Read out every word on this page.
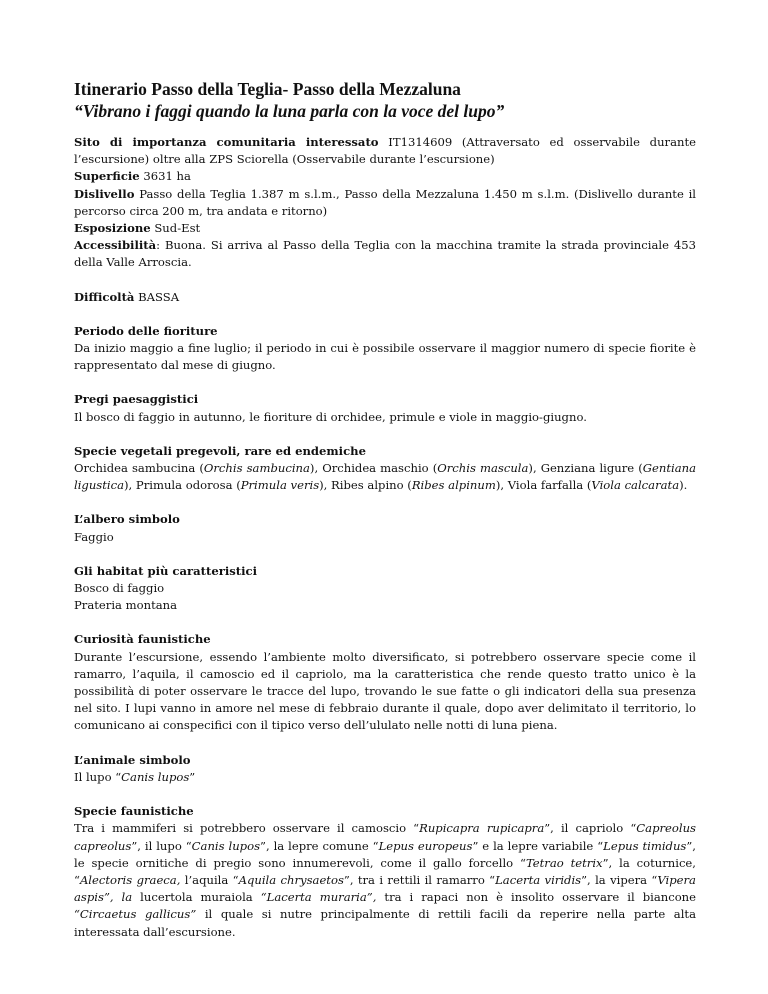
Itinerario Passo della Teglia- Passo della Mezzaluna
“Vibrano i faggi quando la luna parla con la voce del lupo”

Sito di importanza comunitaria interessato IT1314609 (Attraversato ed osservabile durante l’escursione) oltre alla ZPS Sciorella (Osservabile durante l’escursione)

Superficie 3631 ha

Dislivello Passo della Teglia 1.387 m s.l.m., Passo della Mezzaluna 1.450 m s.l.m. (Dislivello durante il percorso circa 200 m, tra andata e ritorno)

Esposizione Sud-Est

Accessibilità: Buona. Si arriva al Passo della Teglia con la macchina tramite la strada provinciale 453 della Valle Arroscia.

Difficoltà BASSA

Periodo delle fioriture

Da inizio maggio a fine luglio; il periodo in cui è possibile osservare il maggior numero di specie fiorite è rappresentato dal mese di giugno.

Pregi paesaggistici

Il bosco di faggio in autunno, le fioriture di orchidee, primule e viole in maggio-giugno.

Specie vegetali pregevoli, rare ed endemiche

Orchidea sambucina (Orchis sambucina), Orchidea maschio (Orchis mascula), Genziana ligure (Gentiana ligustica), Primula odorosa (Primula veris), Ribes alpino (Ribes alpinum), Viola farfalla (Viola calcarata).

L’albero simbolo

Faggio

Gli habitat più caratteristici

Bosco di faggio

Prateria montana

Curiosità faunistiche

Durante l’escursione, essendo l’ambiente molto diversificato, si potrebbero osservare specie come il ramarro, l’aquila, il camoscio ed il capriolo, ma la caratteristica che rende questo tratto unico è la possibilità di poter osservare le tracce del lupo, trovando le sue fatte o gli indicatori della sua presenza nel sito. I lupi vanno in amore nel mese di febbraio durante il quale, dopo aver delimitato il territorio, lo comunicano ai conspecifici con il tipico verso dell’ululato nelle notti di luna piena.

L’animale simbolo

Il lupo “Canis lupos”

Specie faunistiche

Tra i mammiferi si potrebbero osservare il camoscio “Rupicapra rupicapra”, il capriolo “Capreolus capreolus”, il lupo “Canis lupos”, la lepre comune “Lepus europeus” e la lepre variabile “Lepus timidus”, le specie ornitiche di pregio sono innumerevoli, come il gallo forcello “Tetrao tetrix”, la coturnice, “Alectoris graeca, l’aquila “Aquila chrysaetos”, tra i rettili il ramarro “Lacerta viridis”, la vipera “Vipera aspis”, la lucertola muraiola “Lacerta muraria”, tra i rapaci non è insolito osservare il biancone “Circaetus gallicus” il quale si nutre principalmente di rettili facili da reperire nella parte alta interessata dall’escursione.
